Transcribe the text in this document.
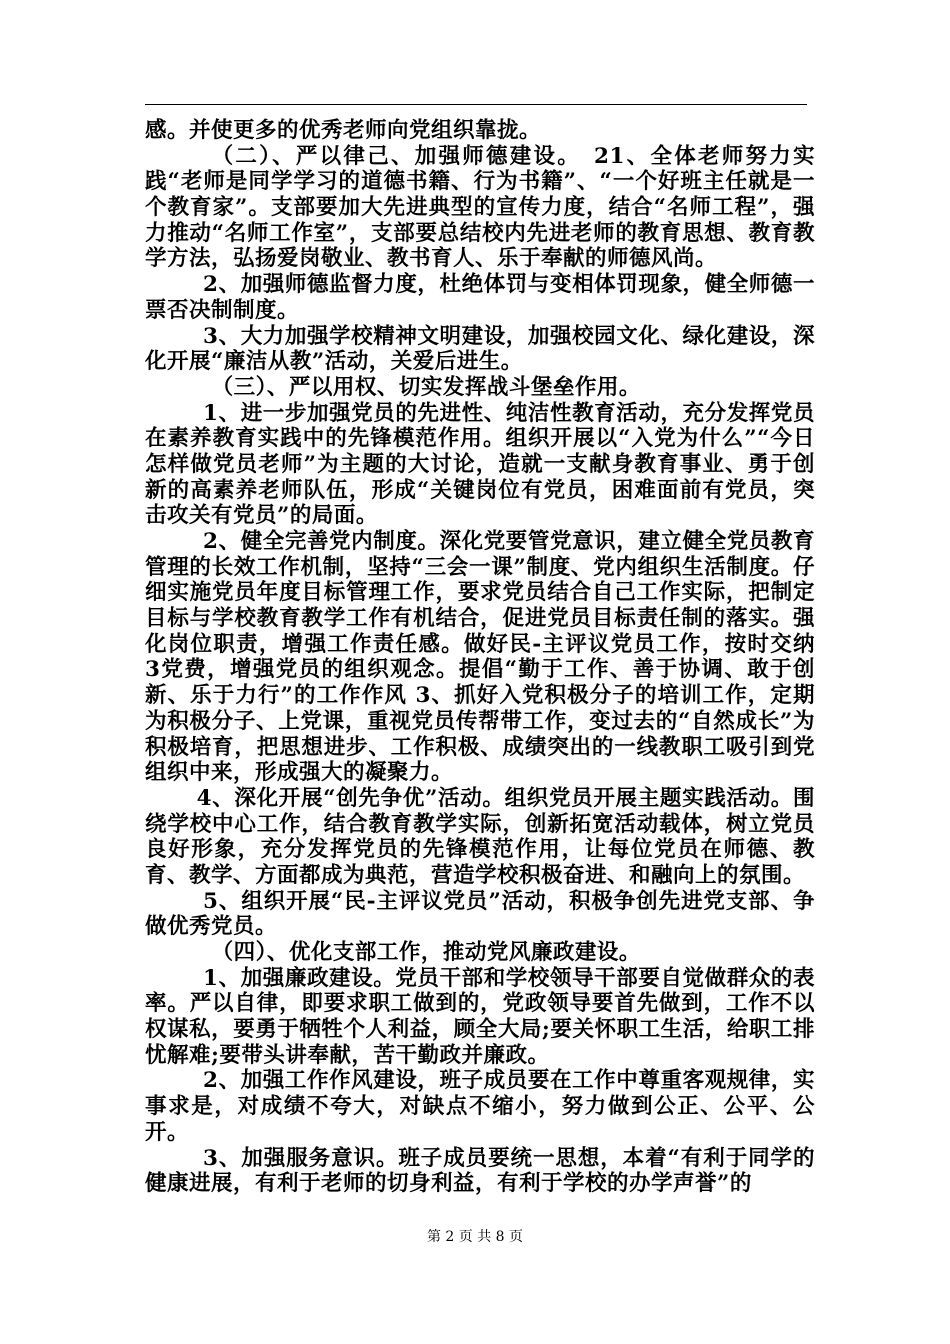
感。并使更多的优秀老师向党组织靠拢。

（二）、严以律己、加强师德建设。　21、全体老师努力实践“老师是同学学习的道德书籍、行为书籍”、“一个好班主任就是一个教育家”。支部要加大先进典型的宣传力度，结合“名师工程”，强力推动“名师工作室”，支部要总结校内先进老师的教育思想、教育教学方法，弘扬爱岗敬业、教书育人、乐于奉献的师德风尚。

2、加强师德监督力度，杜绝体罚与变相体罚现象，健全师德一票否决制制度。

3、大力加强学校精神文明建设，加强校园文化、绿化建设，深化开展“廉洁从教”活动，关爱后进生。

（三）、严以用权、切实发挥战斗堡垒作用。

1、进一步加强党员的先进性、纯洁性教育活动，充分发挥党员在素养教育实践中的先锋模范作用。组织开展以“入党为什么”“今日怎样做党员老师”为主题的大讨论，造就一支献身教育事业、勇于创新的高素养老师队伍，形成“关键岗位有党员，困难面前有党员，突击攻关有党员”的局面。

2、健全完善党内制度。深化党要管党意识，建立健全党员教育管理的长效工作机制，坚持“三会一课”制度、党内组织生活制度。仔细实施党员年度目标管理工作，要求党员结合自己工作实际，把制定目标与学校教育教学工作有机结合，促进党员目标责任制的落实。强化岗位职责，增强工作责任感。做好民-主评议党员工作，按时交纳 3党费，增强党员的组织观念。提倡“勤于工作、善于协调、敢于创新、乐于力行”的工作作风 3、抓好入党积极分子的培训工作，定期为积极分子、上党课，重视党员传帮带工作，变过去的“自然成长”为积极培育，把思想进步、工作积极、成绩突出的一线教职工吸引到党组织中来，形成强大的凝聚力。

4、深化开展“创先争优”活动。组织党员开展主题实践活动。围绕学校中心工作，结合教育教学实际，创新拓宽活动载体，树立党员良好形象，充分发挥党员的先锋模范作用，让每位党员在师德、教育、教学、方面都成为典范，营造学校积极奋进、和融向上的氛围。

5、组织开展“民-主评议党员”活动，积极争创先进党支部、争做优秀党员。

（四）、优化支部工作，推动党风廉政建设。

1、加强廉政建设。党员干部和学校领导干部要自觉做群众的表率。严以自律，即要求职工做到的，党政领导要首先做到，工作不以权谋私，要勇于牺牲个人利益，顾全大局;要关怀职工生活，给职工排忧解难;要带头讲奉献，苦干勤政并廉政。

2、加强工作作风建设，班子成员要在工作中尊重客观规律，实事求是，对成绩不夸大，对缺点不缩小，努力做到公正、公平、公开。

3、加强服务意识。班子成员要统一思想，本着“有利于同学的健康进展，有利于老师的切身利益，有利于学校的办学声誉”的

第 2 页 共 8 页
